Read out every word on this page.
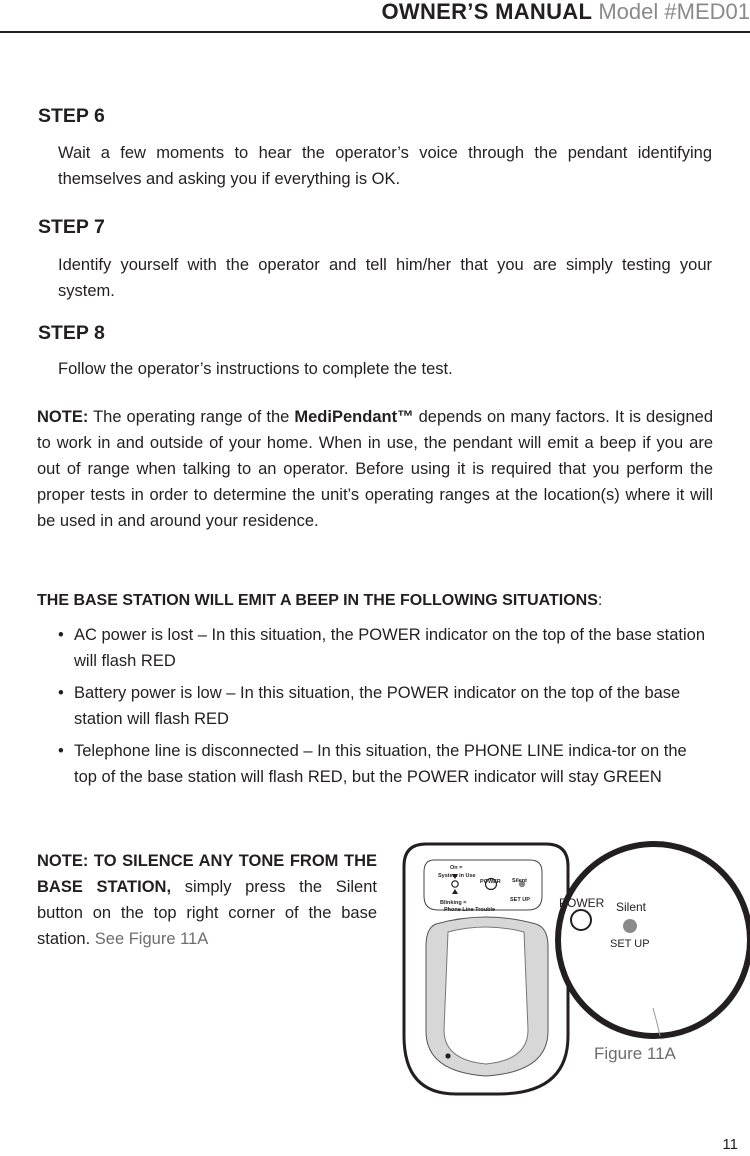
OWNER’S MANUAL Model #MED01
STEP 6
Wait a few moments to hear the operator’s voice through the pendant identifying themselves and asking you if everything is OK.
STEP 7
Identify yourself with the operator and tell him/her that you are simply testing your system.
STEP 8
Follow the operator’s instructions to complete the test.
NOTE: The operating range of the MediPendant™ depends on many factors. It is designed to work in and outside of your home. When in use, the pendant will emit a beep if you are out of range when talking to an operator. Before using it is required that you perform the proper tests in order to determine the unit’s operating ranges at the location(s) where it will be used in and around your residence.
THE BASE STATION WILL EMIT A BEEP IN THE FOLLOWING SITUATIONS:
• AC power is lost – In this situation, the POWER indicator on the top of the base station will flash RED
• Battery power is low – In this situation, the POWER indicator on the top of the base station will flash RED
• Telephone line is disconnected – In this situation, the PHONE LINE indica-tor on the top of the base station will flash RED, but the POWER indicator will stay GREEN
NOTE: TO SILENCE ANY TONE FROM THE BASE STATION, simply press the Silent button on the top right corner of the base station. See Figure 11A
On =
System in Use
POWER Silent
Blinking =
Phone Line Trouble
SET UP POWER Silent
SET UP
Figure 11A
11
